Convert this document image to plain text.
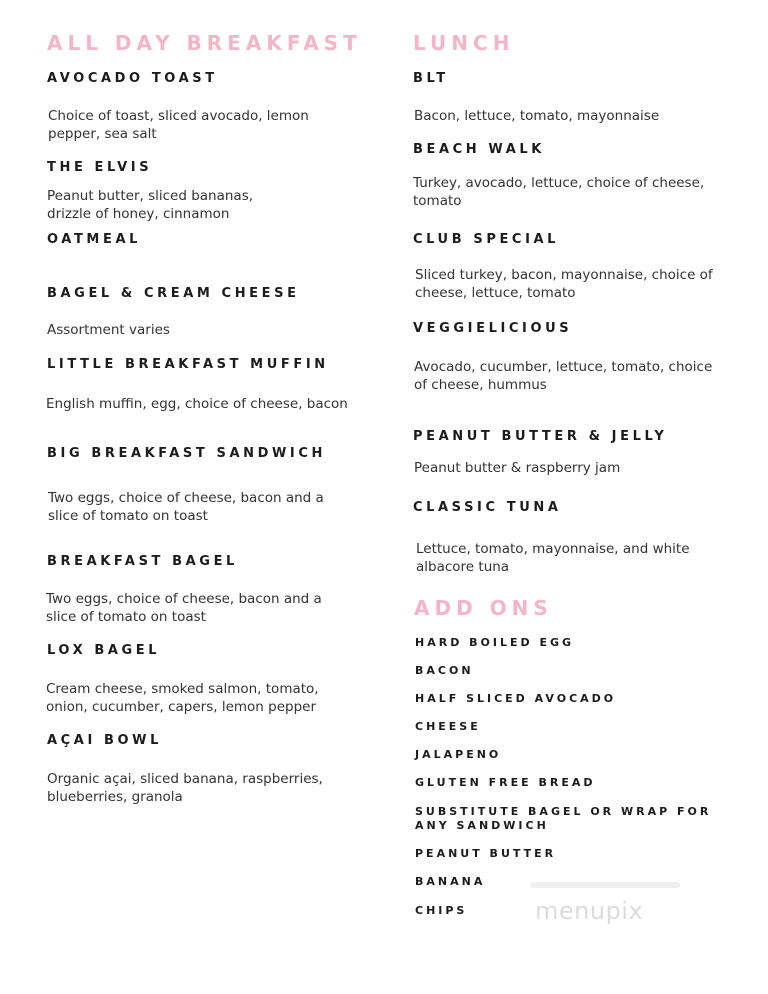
ALL DAY BREAKFAST
AVOCADO TOAST
Choice of toast, sliced avocado, lemon pepper, sea salt
THE ELVIS
Peanut butter, sliced bananas, drizzle of honey, cinnamon
OATMEAL
BAGEL & CREAM CHEESE
Assortment varies
LITTLE BREAKFAST MUFFIN
English muffin, egg, choice of cheese, bacon
BIG BREAKFAST SANDWICH
Two eggs, choice of cheese, bacon and a slice of tomato on toast
BREAKFAST BAGEL
Two eggs, choice of cheese, bacon and a slice of tomato on toast
LOX BAGEL
Cream cheese, smoked salmon, tomato, onion, cucumber, capers, lemon pepper
AÇAI BOWL
Organic açai, sliced banana, raspberries, blueberries, granola
LUNCH
BLT
Bacon, lettuce, tomato, mayonnaise
BEACH WALK
Turkey, avocado, lettuce, choice of cheese, tomato
CLUB SPECIAL
Sliced turkey, bacon, mayonnaise, choice of cheese, lettuce, tomato
VEGGIELICIOUS
Avocado, cucumber, lettuce, tomato, choice of cheese, hummus
PEANUT BUTTER & JELLY
Peanut butter & raspberry jam
CLASSIC TUNA
Lettuce, tomato, mayonnaise, and white albacore tuna
ADD ONS
HARD BOILED EGG
BACON
HALF SLICED AVOCADO
CHEESE
JALAPENO
GLUTEN FREE BREAD
SUBSTITUTE BAGEL OR WRAP FOR ANY SANDWICH
PEANUT BUTTER
BANANA
CHIPS	menupix
